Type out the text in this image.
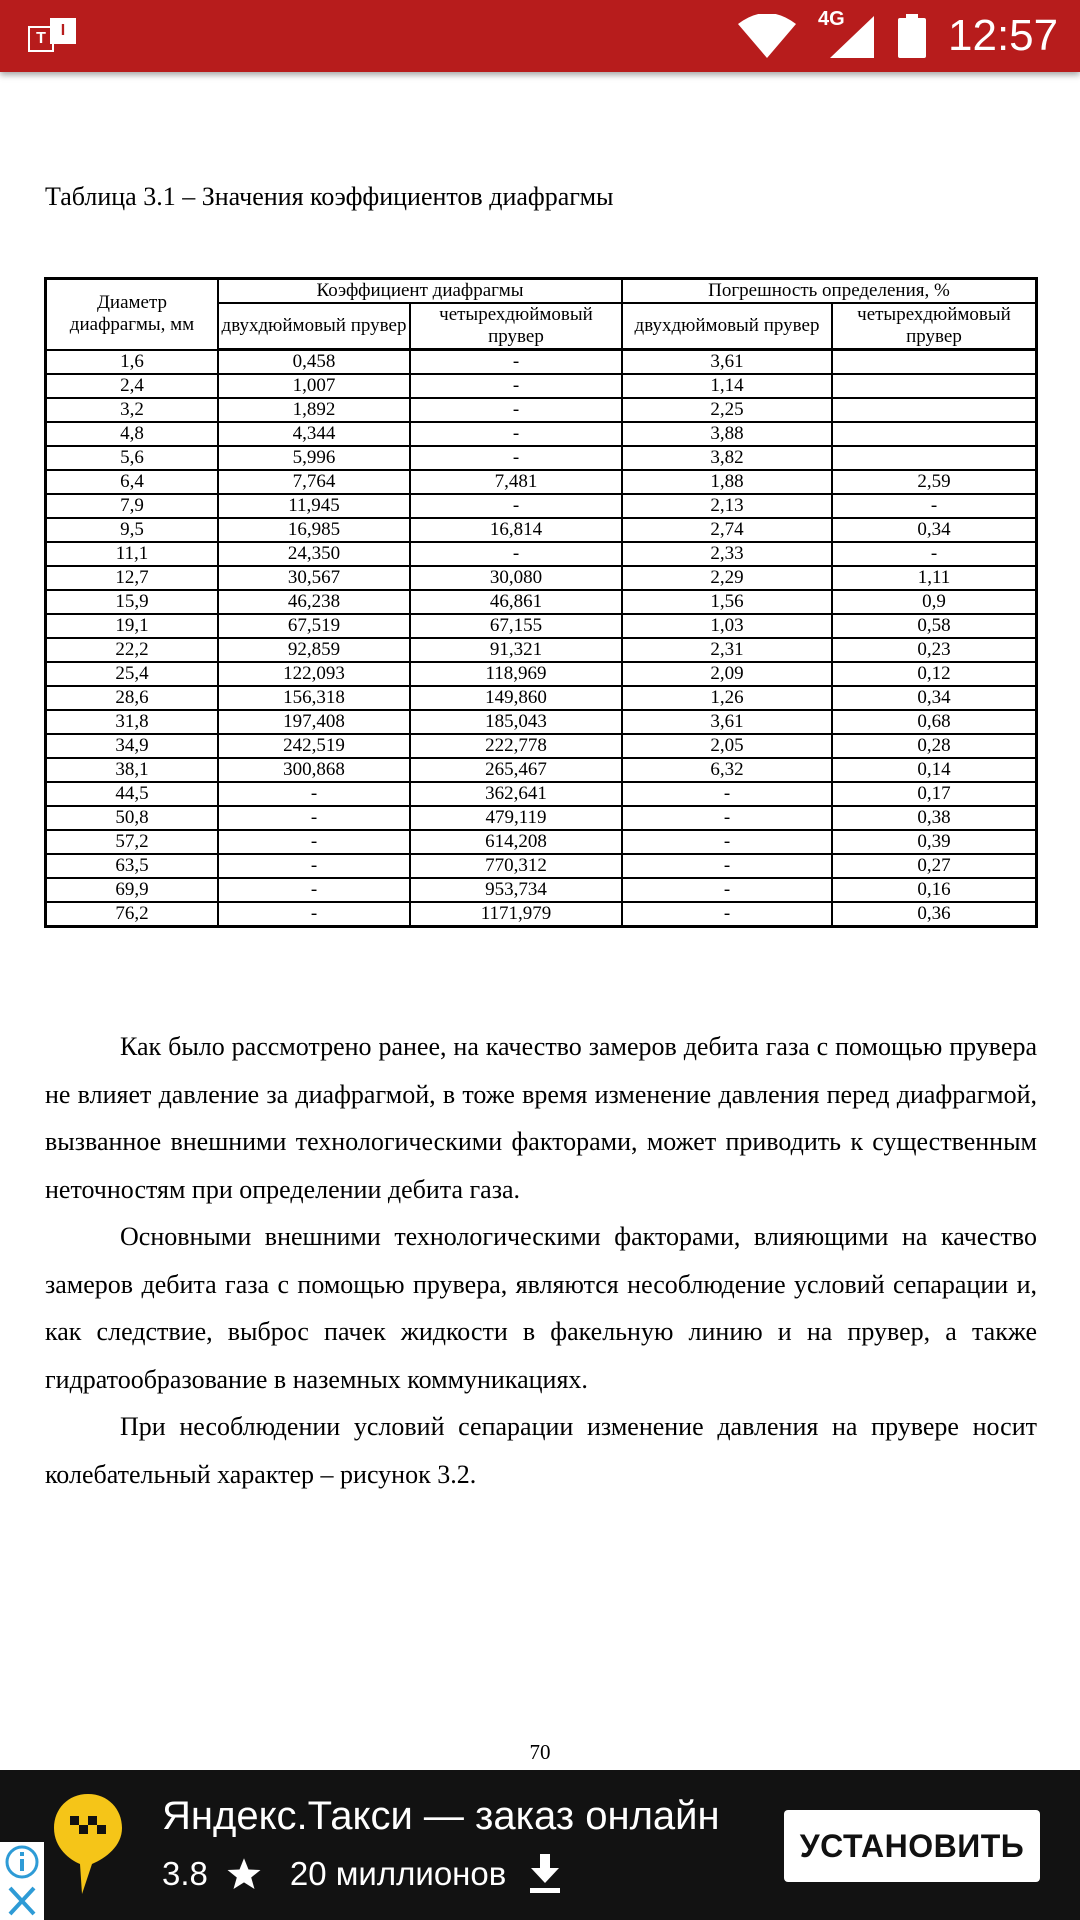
T I
4G 12:57
Таблица 3.1 – Значения коэффициентов диафрагмы
Диаметр диафрагмы, мм	Коэффициент диафрагмы		Погрешность определения, %	
	двухдюймовый прувер	четырехдюймовый прувер	двухдюймовый прувер	четырехдюймовый прувер
1,6	0,458	-	3,61	
2,4	1,007	-	1,14	
3,2	1,892	-	2,25	
4,8	4,344	-	3,88	
5,6	5,996	-	3,82	
6,4	7,764	7,481	1,88	2,59
7,9	11,945	-	2,13	-
9,5	16,985	16,814	2,74	0,34
11,1	24,350	-	2,33	-
12,7	30,567	30,080	2,29	1,11
15,9	46,238	46,861	1,56	0,9
19,1	67,519	67,155	1,03	0,58
22,2	92,859	91,321	2,31	0,23
25,4	122,093	118,969	2,09	0,12
28,6	156,318	149,860	1,26	0,34
31,8	197,408	185,043	3,61	0,68
34,9	242,519	222,778	2,05	0,28
38,1	300,868	265,467	6,32	0,14
44,5	-	362,641	-	0,17
50,8	-	479,119	-	0,38
57,2	-	614,208	-	0,39
63,5	-	770,312	-	0,27
69,9	-	953,734	-	0,16
76,2	-	1171,979	-	0,36

Как было рассмотрено ранее, на качество замеров дебита газа с помощью прувера не влияет давление за диафрагмой, в тоже время изменение давления перед диафрагмой, вызванное внешними технологическими факторами, может приводить к существенным неточностям при определении дебита газа.

Основными внешними технологическими факторами, влияющими на качество замеров дебита газа с помощью прувера, являются несоблюдение условий сепарации и, как следствие, выброс пачек жидкости в факельную линию и на прувер, а также гидратообразование в наземных коммуникациях.

При несоблюдении условий сепарации изменение давления на прувере носит колебательный характер – рисунок 3.2.

70
Яндекс.Такси — заказ онлайн
3.8 20 миллионов
УСТАНОВИТЬ
